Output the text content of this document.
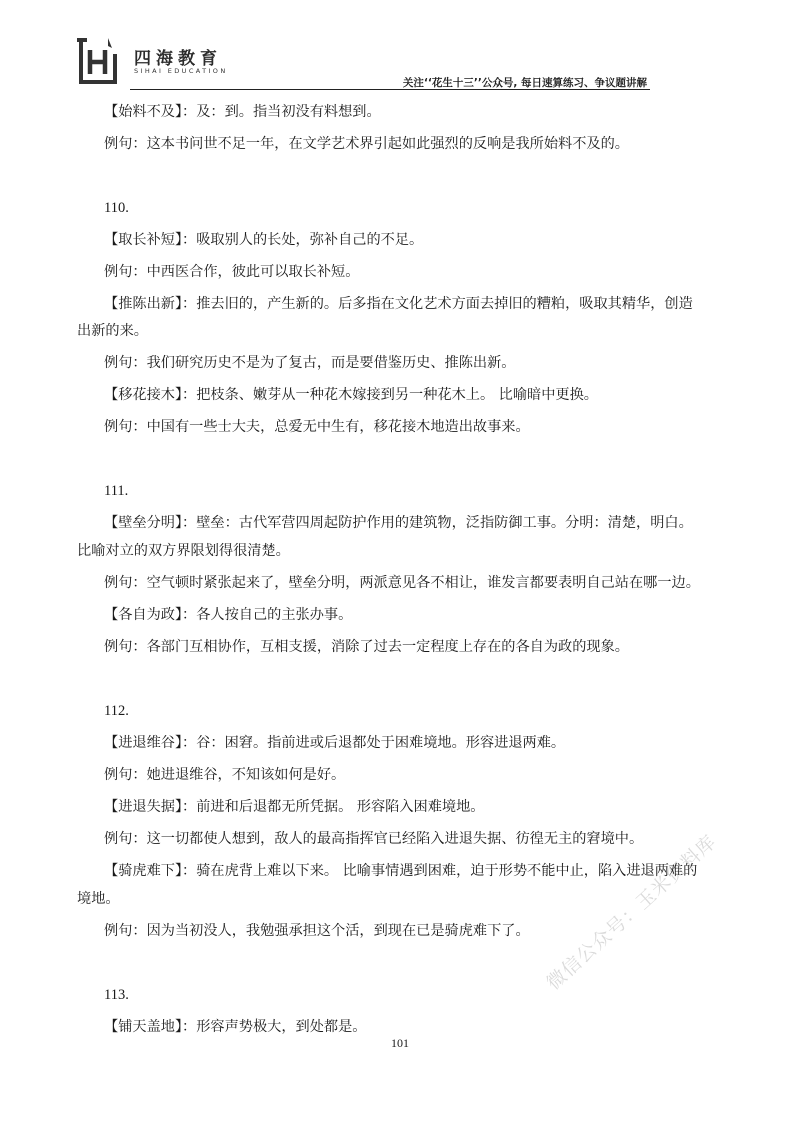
四海教育
SIHAI EDUCATION
关注‘‘花生十三’’公众号, 每日速算练习、争议题讲解
【始料不及】：及：到。指当初没有料想到。
例句：这本书问世不足一年，在文学艺术界引起如此强烈的反响是我所始料不及的。
110.
【取长补短】：吸取别人的长处，弥补自己的不足。
例句：中西医合作，彼此可以取长补短。
【推陈出新】：推去旧的，产生新的。后多指在文化艺术方面去掉旧的糟粕，吸取其精华，创造
出新的来。
例句：我们研究历史不是为了复古，而是要借鉴历史、推陈出新。
【移花接木】：把枝条、嫩芽从一种花木嫁接到另一种花木上。 比喻暗中更换。
例句：中国有一些士大夫，总爱无中生有，移花接木地造出故事来。
111.
【壁垒分明】：壁垒：古代军营四周起防护作用的建筑物，泛指防御工事。分明：清楚，明白。
比喻对立的双方界限划得很清楚。
例句：空气顿时紧张起来了，壁垒分明，两派意见各不相让，谁发言都要表明自己站在哪一边。
【各自为政】：各人按自己的主张办事。
例句：各部门互相协作，互相支援，消除了过去一定程度上存在的各自为政的现象。
112.
【进退维谷】：谷：困窘。指前进或后退都处于困难境地。形容进退两难。
例句：她进退维谷，不知该如何是好。
【进退失据】：前进和后退都无所凭据。 形容陷入困难境地。
例句：这一切都使人想到，敌人的最高指挥官已经陷入进退失据、彷徨无主的窘境中。
【骑虎难下】：骑在虎背上难以下来。 比喻事情遇到困难，迫于形势不能中止，陷入进退两难的
境地。
例句：因为当初没人，我勉强承担这个活，到现在已是骑虎难下了。
113.
【铺天盖地】：形容声势极大，到处都是。
101
微信公众号：玉米资料库
